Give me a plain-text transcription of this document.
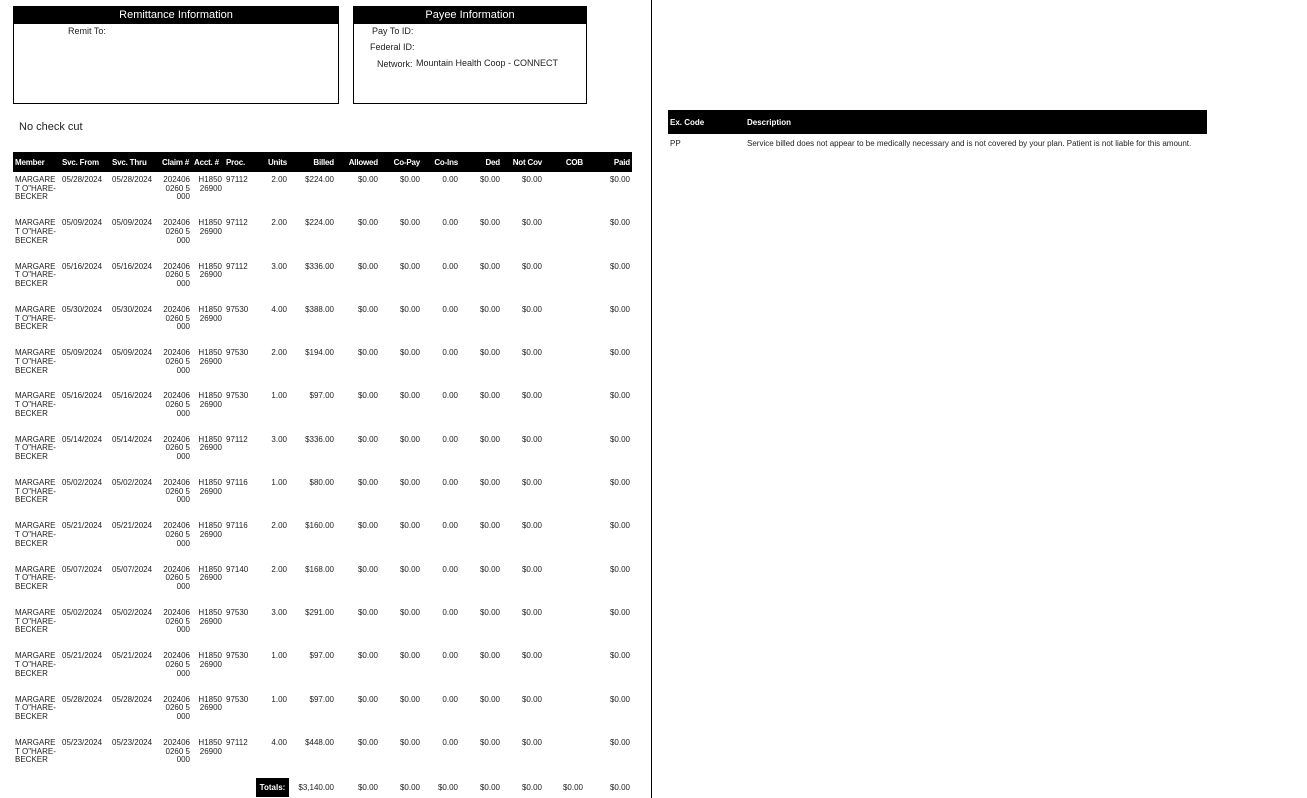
Remittance Information
Remit To:
Payee Information
Pay To ID:
Federal ID:
Network: Mountain Health Coop - CONNECT
No check cut
Member	Svc. From	Svc. Thru	Claim #	Acct. #	Proc.	Units	Billed	Allowed	Co-Pay	Co-Ins	Ded	Not Cov	COB	Paid
MARGARET O"HARE-BECKER	05/28/2024	05/28/2024	2024060260 5000	H185026900	97112	2.00	$224.00	$0.00	$0.00	0.00	$0.00	$0.00		$0.00
MARGARET O"HARE-BECKER	05/09/2024	05/09/2024	2024060260 5000	H185026900	97112	2.00	$224.00	$0.00	$0.00	0.00	$0.00	$0.00		$0.00
MARGARET O"HARE-BECKER	05/16/2024	05/16/2024	2024060260 5000	H185026900	97112	3.00	$336.00	$0.00	$0.00	0.00	$0.00	$0.00		$0.00
MARGARET O"HARE-BECKER	05/30/2024	05/30/2024	2024060260 5000	H185026900	97530	4.00	$388.00	$0.00	$0.00	0.00	$0.00	$0.00		$0.00
MARGARET O"HARE-BECKER	05/09/2024	05/09/2024	2024060260 5000	H185026900	97530	2.00	$194.00	$0.00	$0.00	0.00	$0.00	$0.00		$0.00
MARGARET O"HARE-BECKER	05/16/2024	05/16/2024	2024060260 5000	H185026900	97530	1.00	$97.00	$0.00	$0.00	0.00	$0.00	$0.00		$0.00
MARGARET O"HARE-BECKER	05/14/2024	05/14/2024	2024060260 5000	H185026900	97112	3.00	$336.00	$0.00	$0.00	0.00	$0.00	$0.00		$0.00
MARGARET O"HARE-BECKER	05/02/2024	05/02/2024	2024060260 5000	H185026900	97116	1.00	$80.00	$0.00	$0.00	0.00	$0.00	$0.00		$0.00
MARGARET O"HARE-BECKER	05/21/2024	05/21/2024	2024060260 5000	H185026900	97116	2.00	$160.00	$0.00	$0.00	0.00	$0.00	$0.00		$0.00
MARGARET O"HARE-BECKER	05/07/2024	05/07/2024	2024060260 5000	H185026900	97140	2.00	$168.00	$0.00	$0.00	0.00	$0.00	$0.00		$0.00
MARGARET O"HARE-BECKER	05/02/2024	05/02/2024	2024060260 5000	H185026900	97530	3.00	$291.00	$0.00	$0.00	0.00	$0.00	$0.00		$0.00
MARGARET O"HARE-BECKER	05/21/2024	05/21/2024	2024060260 5000	H185026900	97530	1.00	$97.00	$0.00	$0.00	0.00	$0.00	$0.00		$0.00
MARGARET O"HARE-BECKER	05/28/2024	05/28/2024	2024060260 5000	H185026900	97530	1.00	$97.00	$0.00	$0.00	0.00	$0.00	$0.00		$0.00
MARGARET O"HARE-BECKER	05/23/2024	05/23/2024	2024060260 5000	H185026900	97112	4.00	$448.00	$0.00	$0.00	0.00	$0.00	$0.00		$0.00
						Totals:	$3,140.00	$0.00	$0.00	$0.00	$0.00	$0.00	$0.00	$0.00
Ex. Code	Description
PP	Service billed does not appear to be medically necessary and is not covered by your plan. Patient is not liable for this amount.
